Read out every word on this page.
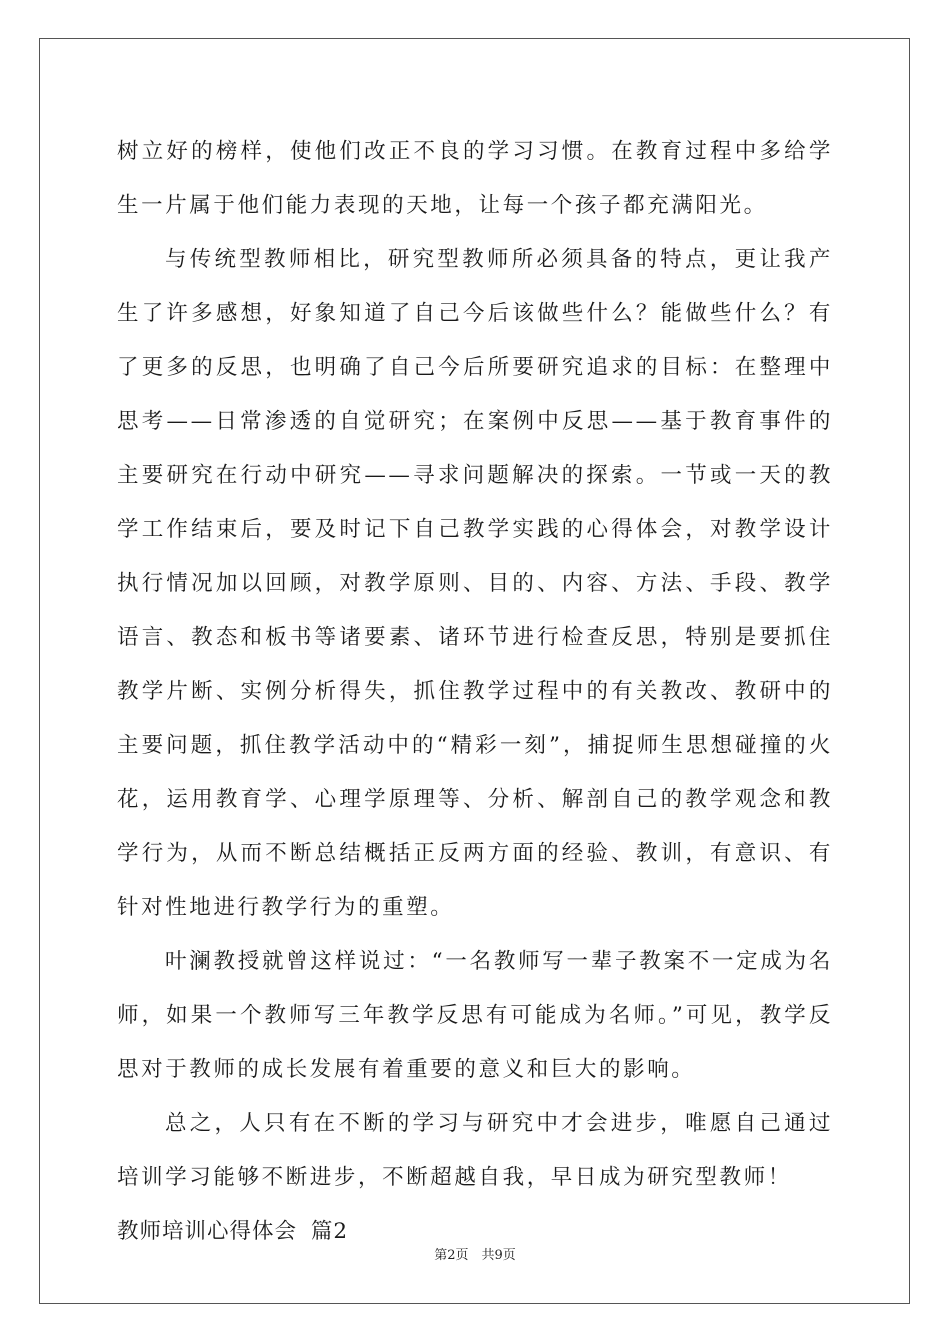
树立好的榜样，使他们改正不良的学习习惯。在教育过程中多给学生一片属于他们能力表现的天地，让每一个孩子都充满阳光。

与传统型教师相比，研究型教师所必须具备的特点，更让我产生了许多感想，好象知道了自己今后该做些什么？能做些什么？有了更多的反思，也明确了自己今后所要研究追求的目标：在整理中思考——日常渗透的自觉研究；在案例中反思——基于教育事件的主要研究在行动中研究——寻求问题解决的探索。一节或一天的教学工作结束后，要及时记下自己教学实践的心得体会，对教学设计执行情况加以回顾，对教学原则、目的、内容、方法、手段、教学语言、教态和板书等诸要素、诸环节进行检查反思，特别是要抓住教学片断、实例分析得失，抓住教学过程中的有关教改、教研中的主要问题，抓住教学活动中的“精彩一刻”，捕捉师生思想碰撞的火花，运用教育学、心理学原理等、分析、解剖自己的教学观念和教学行为，从而不断总结概括正反两方面的经验、教训，有意识、有针对性地进行教学行为的重塑。

叶澜教授就曾这样说过：“一名教师写一辈子教案不一定成为名师，如果一个教师写三年教学反思有可能成为名师。”可见，教学反思对于教师的成长发展有着重要的意义和巨大的影响。

总之，人只有在不断的学习与研究中才会进步，唯愿自己通过培训学习能够不断进步，不断超越自我，早日成为研究型教师！

教师培训心得体会 篇2

第2页　共9页
